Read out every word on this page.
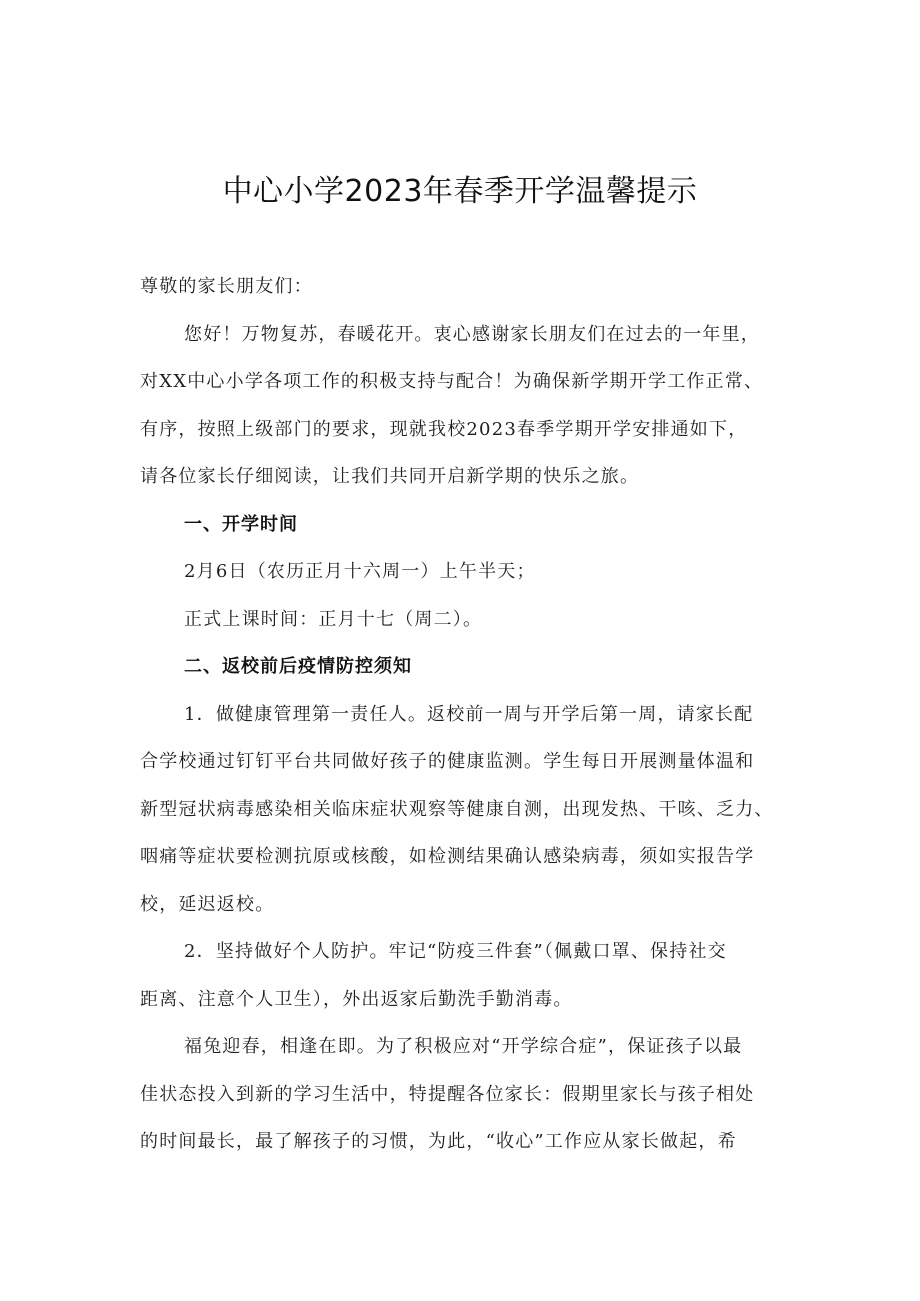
中心小学2023年春季开学温馨提示
尊敬的家长朋友们：
您好！万物复苏，春暖花开。衷心感谢家长朋友们在过去的一年里，
对XX中心小学各项工作的积极支持与配合！为确保新学期开学工作正常、
有序，按照上级部门的要求，现就我校2023春季学期开学安排通如下，
请各位家长仔细阅读，让我们共同开启新学期的快乐之旅。
一、开学时间
2月6日（农历正月十六周一）上午半天；
正式上课时间：正月十七（周二）。
二、返校前后疫情防控须知
1．做健康管理第一责任人。返校前一周与开学后第一周，请家长配
合学校通过钉钉平台共同做好孩子的健康监测。学生每日开展测量体温和
新型冠状病毒感染相关临床症状观察等健康自测，出现发热、干咳、乏力、
咽痛等症状要检测抗原或核酸，如检测结果确认感染病毒，须如实报告学
校，延迟返校。
2．坚持做好个人防护。牢记“防疫三件套”（佩戴口罩、保持社交
距离、注意个人卫生），外出返家后勤洗手勤消毒。
福兔迎春，相逢在即。为了积极应对“开学综合症”，保证孩子以最
佳状态投入到新的学习生活中，特提醒各位家长：假期里家长与孩子相处
的时间最长，最了解孩子的习惯，为此，“收心”工作应从家长做起，希
